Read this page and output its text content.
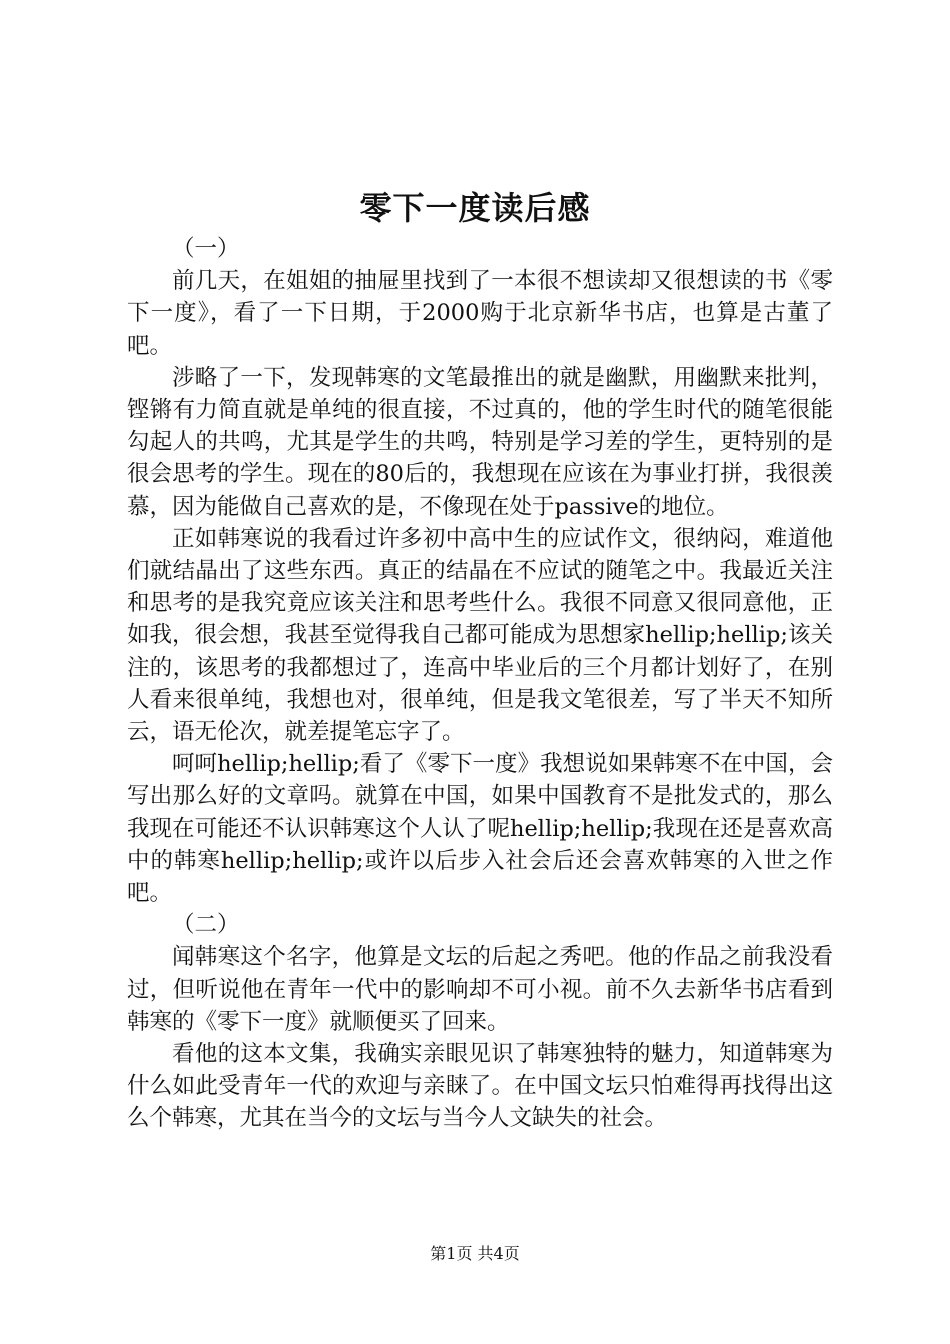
零下一度读后感

（一）

前几天，在姐姐的抽屉里找到了一本很不想读却又很想读的书《零下一度》，看了一下日期，于2000购于北京新华书店，也算是古董了吧。

涉略了一下，发现韩寒的文笔最推出的就是幽默，用幽默来批判，铿锵有力简直就是单纯的很直接，不过真的，他的学生时代的随笔很能勾起人的共鸣，尤其是学生的共鸣，特别是学习差的学生，更特别的是很会思考的学生。现在的80后的，我想现在应该在为事业打拼，我很羡慕，因为能做自己喜欢的是，不像现在处于passive的地位。

正如韩寒说的我看过许多初中高中生的应试作文，很纳闷，难道他们就结晶出了这些东西。真正的结晶在不应试的随笔之中。我最近关注和思考的是我究竟应该关注和思考些什么。我很不同意又很同意他，正如我，很会想，我甚至觉得我自己都可能成为思想家hellip;hellip;该关注的，该思考的我都想过了，连高中毕业后的三个月都计划好了，在别人看来很单纯，我想也对，很单纯，但是我文笔很差，写了半天不知所云，语无伦次，就差提笔忘字了。

呵呵hellip;hellip;看了《零下一度》我想说如果韩寒不在中国，会写出那么好的文章吗。就算在中国，如果中国教育不是批发式的，那么我现在可能还不认识韩寒这个人认了呢hellip;hellip;我现在还是喜欢高中的韩寒hellip;hellip;或许以后步入社会后还会喜欢韩寒的入世之作吧。

（二）

闻韩寒这个名字，他算是文坛的后起之秀吧。他的作品之前我没看过，但听说他在青年一代中的影响却不可小视。前不久去新华书店看到韩寒的《零下一度》就顺便买了回来。

看他的这本文集，我确实亲眼见识了韩寒独特的魅力，知道韩寒为什么如此受青年一代的欢迎与亲睐了。在中国文坛只怕难得再找得出这么个韩寒，尤其在当今的文坛与当今人文缺失的社会。

第1页 共4页
